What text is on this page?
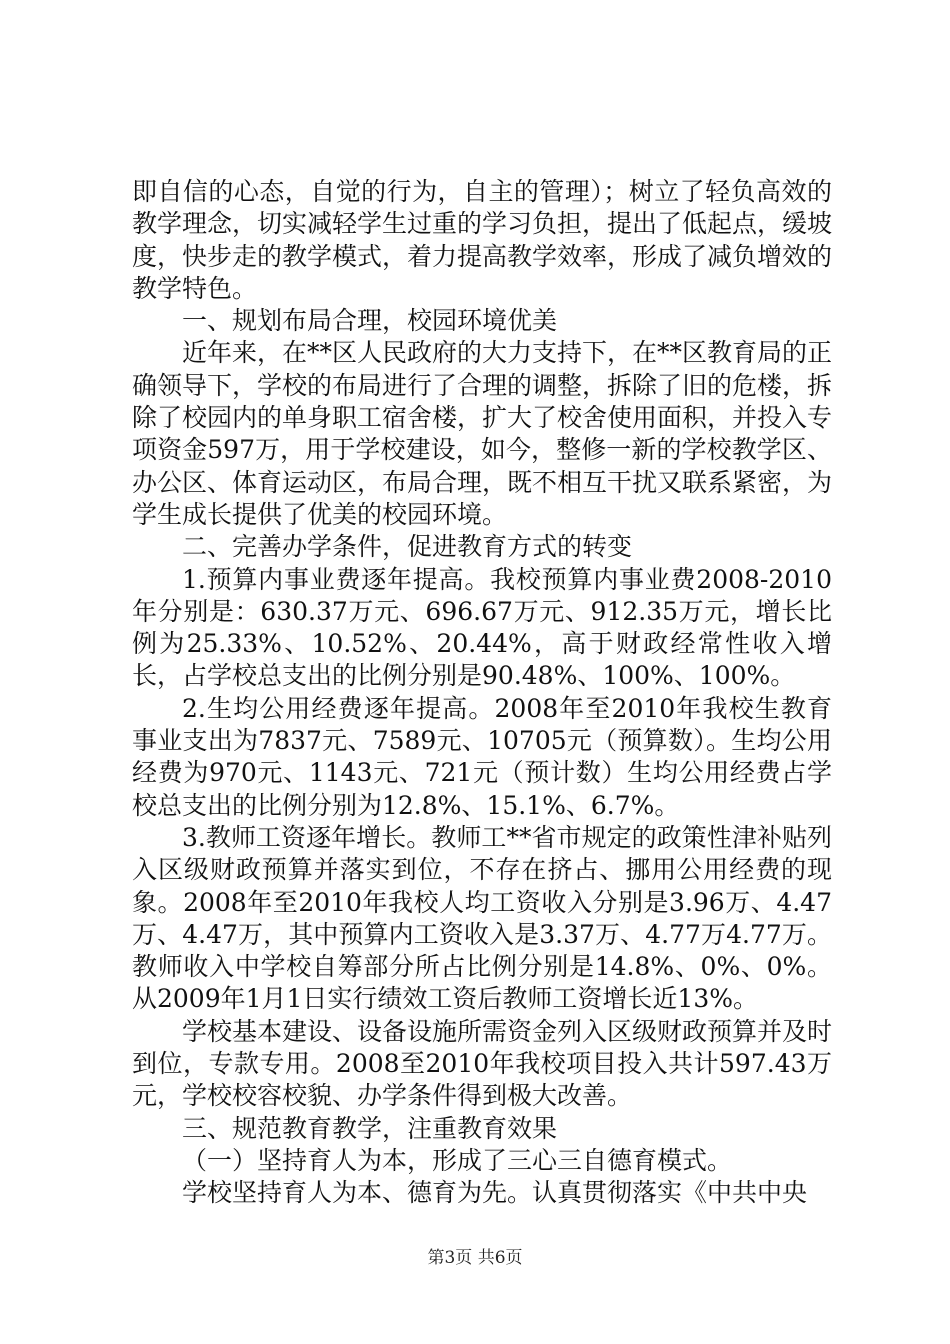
即自信的心态，自觉的行为，自主的管理）；树立了轻负高效的教学理念，切实减轻学生过重的学习负担，提出了低起点，缓坡度，快步走的教学模式，着力提高教学效率，形成了减负增效的教学特色。

一、规划布局合理，校园环境优美

近年来，在**区人民政府的大力支持下，在**区教育局的正确领导下，学校的布局进行了合理的调整，拆除了旧的危楼，拆除了校园内的单身职工宿舍楼，扩大了校舍使用面积，并投入专项资金597万，用于学校建设，如今，整修一新的学校教学区、办公区、体育运动区，布局合理，既不相互干扰又联系紧密，为学生成长提供了优美的校园环境。

二、完善办学条件，促进教育方式的转变

1.预算内事业费逐年提高。我校预算内事业费2008-2010年分别是：630.37万元、696.67万元、912.35万元，增长比例为25.33%、10.52%、20.44%，高于财政经常性收入增长，占学校总支出的比例分别是90.48%、100%、100%。

2.生均公用经费逐年提高。2008年至2010年我校生教育事业支出为7837元、7589元、10705元（预算数）。生均公用经费为970元、1143元、721元（预计数）生均公用经费占学校总支出的比例分别为12.8%、15.1%、6.7%。

3.教师工资逐年增长。教师工**省市规定的政策性津补贴列入区级财政预算并落实到位，不存在挤占、挪用公用经费的现象。2008年至2010年我校人均工资收入分别是3.96万、4.47万、4.47万，其中预算内工资收入是3.37万、4.77万4.77万。教师收入中学校自筹部分所占比例分别是14.8%、0%、0%。从2009年1月1日实行绩效工资后教师工资增长近13%。

学校基本建设、设备设施所需资金列入区级财政预算并及时到位，专款专用。2008至2010年我校项目投入共计597.43万元，学校校容校貌、办学条件得到极大改善。

三、规范教育教学，注重教育效果

（一）坚持育人为本，形成了三心三自德育模式。

学校坚持育人为本、德育为先。认真贯彻落实《中共中央

第3页 共6页
